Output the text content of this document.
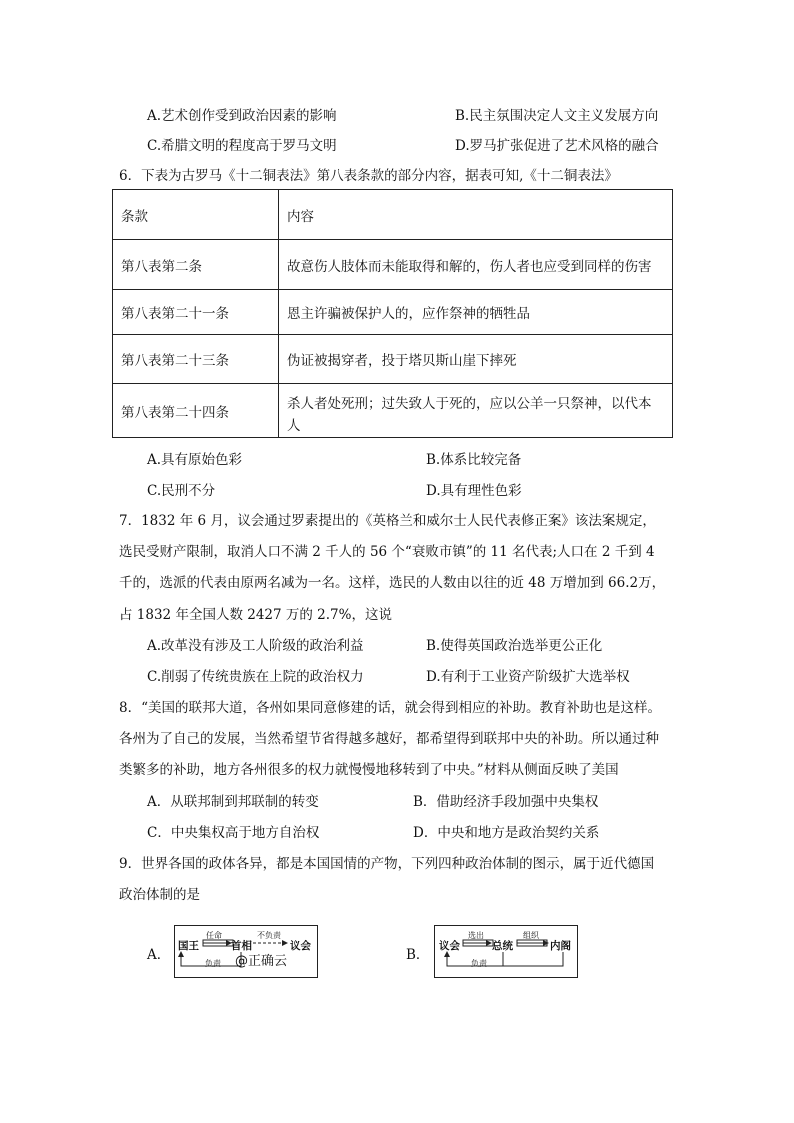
A.艺术创作受到政治因素的影响	B.民主氛围决定人文主义发展方向
C.希腊文明的程度高于罗马文明	D.罗马扩张促进了艺术风格的融合
6．下表为古罗马《十二铜表法》第八表条款的部分内容，据表可知,《十二铜表法》
条款	内容
第八表第二条	故意伤人肢体而未能取得和解的，伤人者也应受到同样的伤害
第八表第二十一条	恩主许骗被保护人的，应作祭神的牺牲品
第八表第二十三条	伪证被揭穿者，投于塔贝斯山崖下摔死
第八表第二十四条	杀人者处死刑；过失致人于死的，应以公羊一只祭神，以代本人
A.具有原始色彩	B.体系比较完备
C.民刑不分	D.具有理性色彩
7．1832 年 6 月，议会通过罗素提出的《英格兰和威尔士人民代表修正案》该法案规定，
选民受财产限制，取消人口不满 2 千人的 56 个“衰败市镇”的 11 名代表;人口在 2 千到 4
千的，选派的代表由原两名减为一名。这样，选民的人数由以往的近 48 万增加到 66.2万，
占 1832 年全国人数 2427 万的 2.7%，这说
A.改革没有涉及工人阶级的政治利益	B.使得英国政治选举更公正化
C.削弱了传统贵族在上院的政治权力	D.有利于工业资产阶级扩大选举权
8．“美国的联邦大道，各州如果同意修建的话，就会得到相应的补助。教育补助也是这样。
各州为了自己的发展，当然希望节省得越多越好，都希望得到联邦中央的补助。所以通过种
类繁多的补助，地方各州很多的权力就慢慢地移转到了中央。”材料从侧面反映了美国
A．从联邦制到邦联制的转变	B．借助经济手段加强中央集权
C．中央集权高于地方自治权	D．中央和地方是政治契约关系
9．世界各国的政体各异，都是本国国情的产物，下列四种政治体制的图示，属于近代德国
政治体制的是
A．
国王
任命
首相
不负责
议会
负责 @正确云	B．
议会
选出
总统
组织
内阁
负责
